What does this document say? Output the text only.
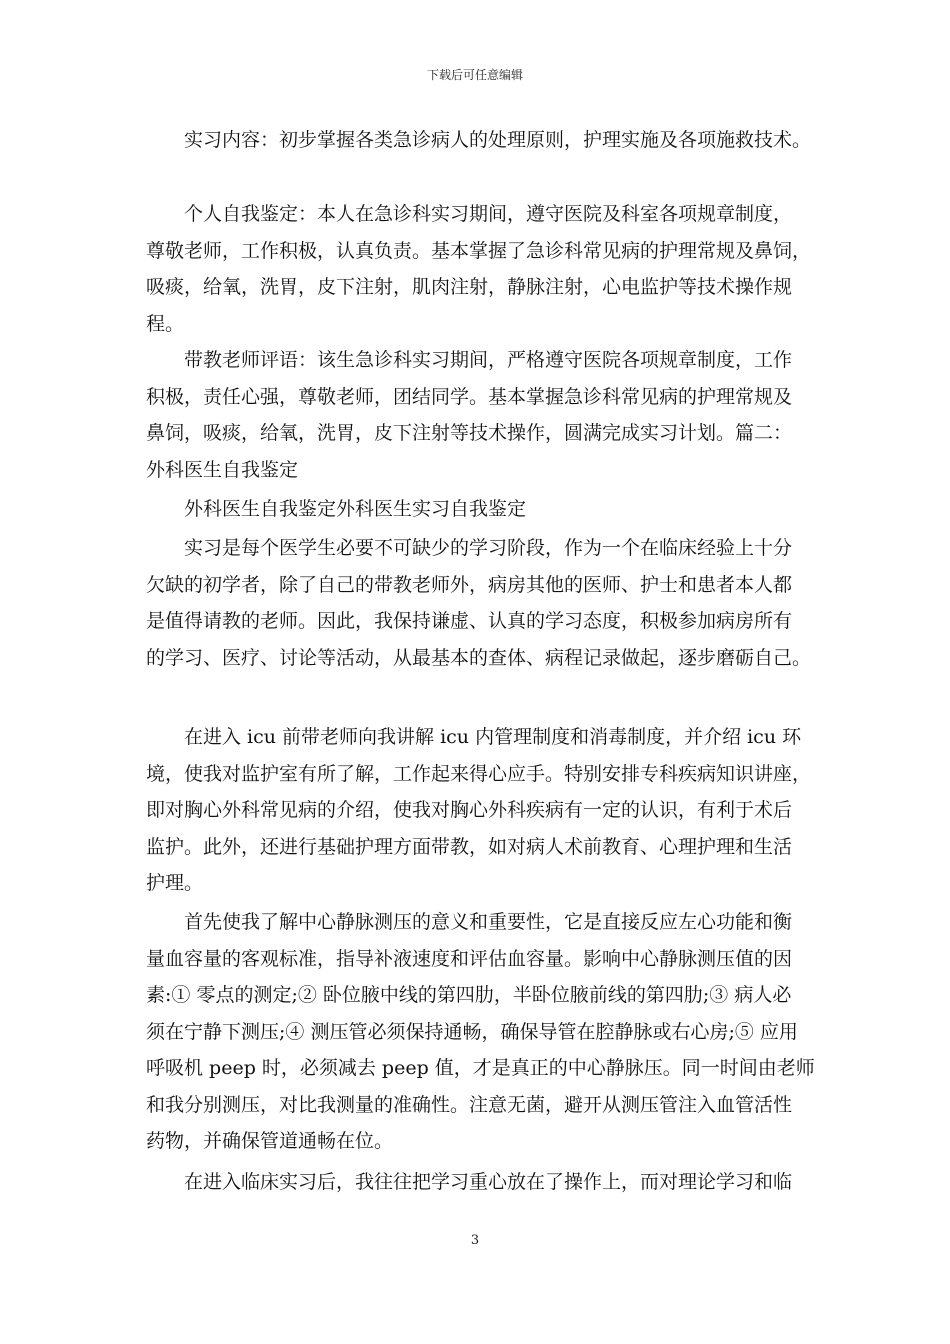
下载后可任意编辑
实习内容：初步掌握各类急诊病人的处理原则，护理实施及各项施救技术。
个人自我鉴定：本人在急诊科实习期间，遵守医院及科室各项规章制度，
尊敬老师，工作积极，认真负责。基本掌握了急诊科常见病的护理常规及鼻饲，
吸痰，给氧，洗胃，皮下注射，肌肉注射，静脉注射，心电监护等技术操作规
程。
带教老师评语：该生急诊科实习期间，严格遵守医院各项规章制度，工作
积极，责任心强，尊敬老师，团结同学。基本掌握急诊科常见病的护理常规及
鼻饲，吸痰，给氧，洗胃，皮下注射等技术操作，圆满完成实习计划。篇二：
外科医生自我鉴定
外科医生自我鉴定外科医生实习自我鉴定
实习是每个医学生必要不可缺少的学习阶段，作为一个在临床经验上十分
欠缺的初学者，除了自己的带教老师外，病房其他的医师、护士和患者本人都
是值得请教的老师。因此，我保持谦虚、认真的学习态度，积极参加病房所有
的学习、医疗、讨论等活动，从最基本的查体、病程记录做起，逐步磨砺自己。
在进入 icu 前带老师向我讲解 icu 内管理制度和消毒制度，并介绍 icu 环
境，使我对监护室有所了解，工作起来得心应手。特别安排专科疾病知识讲座，
即对胸心外科常见病的介绍，使我对胸心外科疾病有一定的认识，有利于术后
监护。此外，还进行基础护理方面带教，如对病人术前教育、心理护理和生活
护理。
首先使我了解中心静脉测压的意义和重要性，它是直接反应左心功能和衡
量血容量的客观标准，指导补液速度和评估血容量。影响中心静脉测压值的因
素:① 零点的测定;② 卧位腋中线的第四肋，半卧位腋前线的第四肋;③ 病人必
须在宁静下测压;④ 测压管必须保持通畅，确保导管在腔静脉或右心房;⑤ 应用
呼吸机 peep 时，必须减去 peep 值，才是真正的中心静脉压。同一时间由老师
和我分别测压，对比我测量的准确性。注意无菌，避开从测压管注入血管活性
药物，并确保管道通畅在位。
在进入临床实习后，我往往把学习重心放在了操作上，而对理论学习和临
3
